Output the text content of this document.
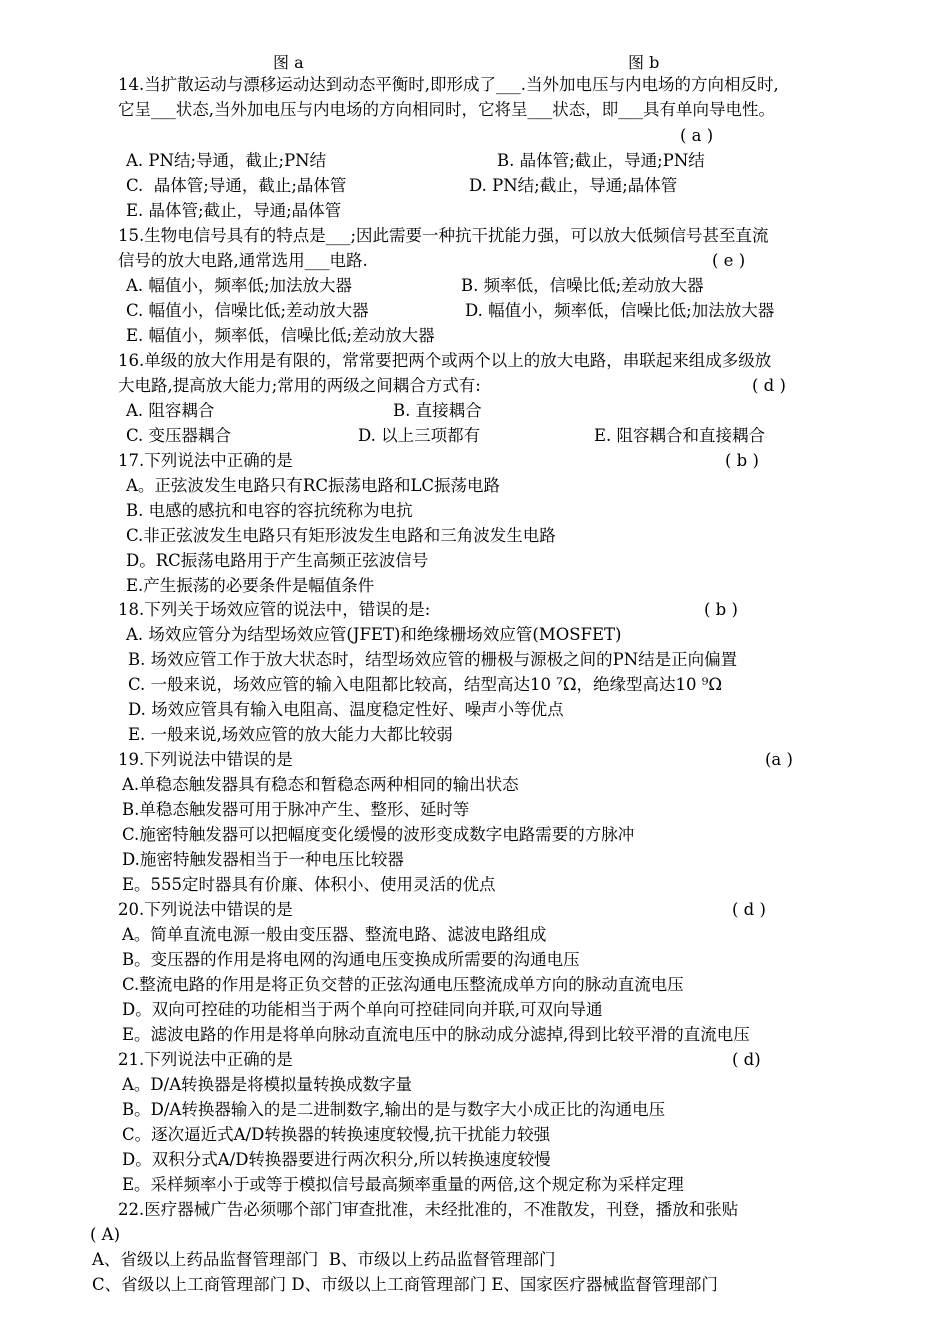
图 a	图 b
14.当扩散运动与漂移运动达到动态平衡时,即形成了___.当外加电压与内电场的方向相反时,
它呈___状态,当外加电压与内电场的方向相同时，它将呈___状态，即___具有单向导电性。
( a )
A. PN结;导通，截止;PN结	B. 晶体管;截止，导通;PN结
C.  晶体管;导通，截止;晶体管	D. PN结;截止，导通;晶体管
E. 晶体管;截止，导通;晶体管
15.生物电信号具有的特点是___;因此需要一种抗干扰能力强，可以放大低频信号甚至直流
信号的放大电路,通常选用___电路.	( e )
A. 幅值小，频率低;加法放大器	B. 频率低，信噪比低;差动放大器
C. 幅值小，信噪比低;差动放大器	D. 幅值小，频率低，信噪比低;加法放大器
E. 幅值小，频率低，信噪比低;差动放大器
16.单级的放大作用是有限的，常常要把两个或两个以上的放大电路，串联起来组成多级放
大电路,提高放大能力;常用的两级之间耦合方式有:	( d )
A. 阻容耦合	B. 直接耦合
C. 变压器耦合	D. 以上三项都有	E. 阻容耦合和直接耦合
17.下列说法中正确的是	( b )
A。正弦波发生电路只有RC振荡电路和LC振荡电路
B. 电感的感抗和电容的容抗统称为电抗
C.非正弦波发生电路只有矩形波发生电路和三角波发生电路
D。RC振荡电路用于产生高频正弦波信号
E.产生振荡的必要条件是幅值条件
18.下列关于场效应管的说法中，错误的是:	( b )
A. 场效应管分为结型场效应管(JFET)和绝缘栅场效应管(MOSFET)
B. 场效应管工作于放大状态时，结型场效应管的栅极与源极之间的PN结是正向偏置
C. 一般来说，场效应管的输入电阻都比较高，结型高达10 ⁷Ω，绝缘型高达10 ⁹Ω
D. 场效应管具有输入电阻高、温度稳定性好、噪声小等优点
E. 一般来说,场效应管的放大能力大都比较弱
19.下列说法中错误的是	(a )
A.单稳态触发器具有稳态和暂稳态两种相同的输出状态
B.单稳态触发器可用于脉冲产生、整形、延时等
C.施密特触发器可以把幅度变化缓慢的波形变成数字电路需要的方脉冲
D.施密特触发器相当于一种电压比较器
E。555定时器具有价廉、体积小、使用灵活的优点
20.下列说法中错误的是	( d )
A。简单直流电源一般由变压器、整流电路、滤波电路组成
B。变压器的作用是将电网的沟通电压变换成所需要的沟通电压
C.整流电路的作用是将正负交替的正弦沟通电压整流成单方向的脉动直流电压
D。双向可控硅的功能相当于两个单向可控硅同向并联,可双向导通
E。滤波电路的作用是将单向脉动直流电压中的脉动成分滤掉,得到比较平滑的直流电压
21.下列说法中正确的是	( d)
A。D/A转换器是将模拟量转换成数字量
B。D/A转换器输入的是二进制数字,输出的是与数字大小成正比的沟通电压
C。逐次逼近式A/D转换器的转换速度较慢,抗干扰能力较强
D。双积分式A/D转换器要进行两次积分,所以转换速度较慢
E。采样频率小于或等于模拟信号最高频率重量的两倍,这个规定称为采样定理
22.医疗器械广告必须哪个部门审查批准，未经批准的，不准散发，刊登，播放和张贴
( A)
A、省级以上药品监督管理部门  B、市级以上药品监督管理部门
C、省级以上工商管理部门 D、市级以上工商管理部门 E、国家医疗器械监督管理部门
